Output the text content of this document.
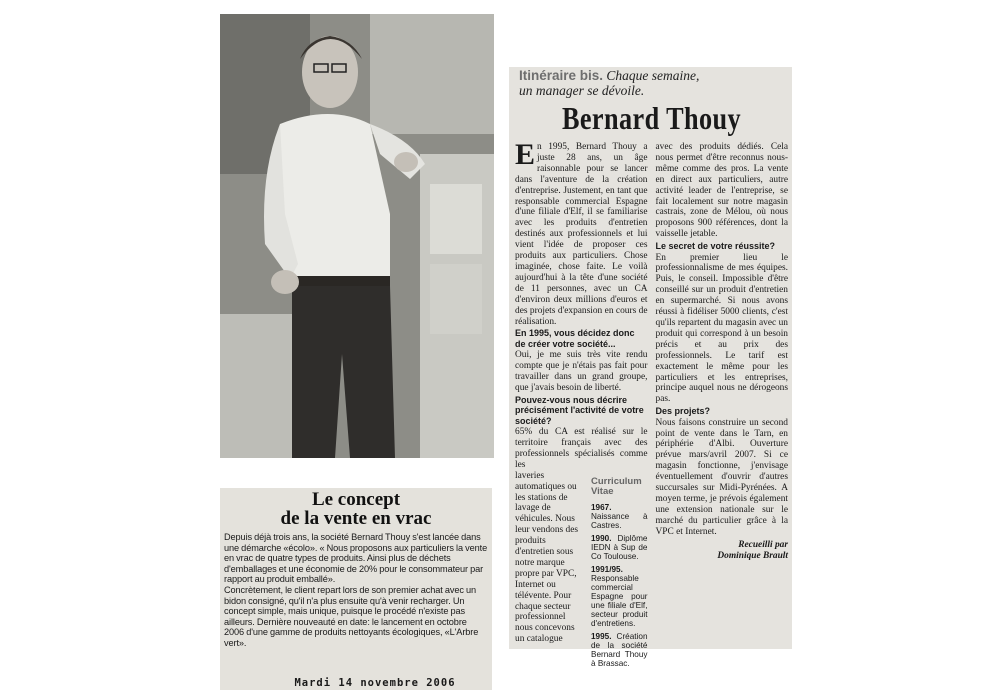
Le concept
de la vente en vrac

Depuis déjà trois ans, la société Bernard Thouy s'est lancée dans une démarche «écolo». « Nous proposons aux particuliers la vente en vrac de quatre types de produits. Ainsi plus de déchets d'emballages et une économie de 20% pour le consommateur par rapport au produit emballé».

Concrètement, le client repart lors de son premier achat avec un bidon consigné, qu'il n'a plus ensuite qu'à venir recharger. Un concept simple, mais unique, puisque le procédé n'existe pas ailleurs. Dernière nouveauté en date: le lancement en octobre 2006 d'une gamme de produits nettoyants écologiques, «L'Arbre vert».

Mardi 14 novembre 2006
Itinéraire bis. Chaque semaine,
un manager se dévoile.
Bernard Thouy

En 1995, Bernard Thouy a juste 28 ans, un âge raisonnable pour se lancer dans l'aventure de la création d'entreprise. Justement, en tant que responsable commercial Espagne d'une filiale d'Elf, il se familiarise avec les produits d'entretien destinés aux professionnels et lui vient l'idée de proposer ces produits aux particuliers. Chose imaginée, chose faite. Le voilà aujourd'hui à la tête d'une société de 11 personnes, avec un CA d'environ deux millions d'euros et des projets d'expansion en cours de réalisation.

En 1995, vous décidez donc de créer votre société...

Oui, je me suis très vite rendu compte que je n'étais pas fait pour travailler dans un grand groupe, que j'avais besoin de liberté.

Pouvez-vous nous décrire précisément l'activité de votre société?

65% du CA est réalisé sur le territoire français avec des professionnels spécialisés comme les

laveries automatiques ou les stations de lavage de véhicules. Nous leur vendons des produits d'entretien sous notre marque propre par VPC, Internet ou télévente. Pour chaque secteur professionnel nous concevons un catalogue

Curriculum
Vitae
1967. Naissance à Castres.
1990. Diplôme IEDN à Sup de Co Toulouse.
1991/95. Responsable commercial Espagne pour une filiale d'Elf, secteur produit d'entretiens.
1995. Création de la société Bernard Thouy à Brassac.

avec des produits dédiés. Cela nous permet d'être reconnus nous-même comme des pros. La vente en direct aux particuliers, autre activité leader de l'entreprise, se fait localement sur notre magasin castrais, zone de Mélou, où nous proposons 900 références, dont la vaisselle jetable.

Le secret de votre réussite?

En premier lieu le professionnalisme de mes équipes. Puis, le conseil. Impossible d'être conseillé sur un produit d'entretien en supermarché. Si nous avons réussi à fidéliser 5000 clients, c'est qu'ils repartent du magasin avec un produit qui correspond à un besoin précis et au prix des professionnels. Le tarif est exactement le même pour les particuliers et les entreprises, principe auquel nous ne dérogeons pas.

Des projets?

Nous faisons construire un second point de vente dans le Tarn, en périphérie d'Albi. Ouverture prévue mars/avril 2007. Si ce magasin fonctionne, j'envisage éventuellement d'ouvrir d'autres succursales sur Midi-Pyrénées. A moyen terme, je prévois également une extension nationale sur le marché du particulier grâce à la VPC et Internet.

Recueilli par
Dominique Brault
